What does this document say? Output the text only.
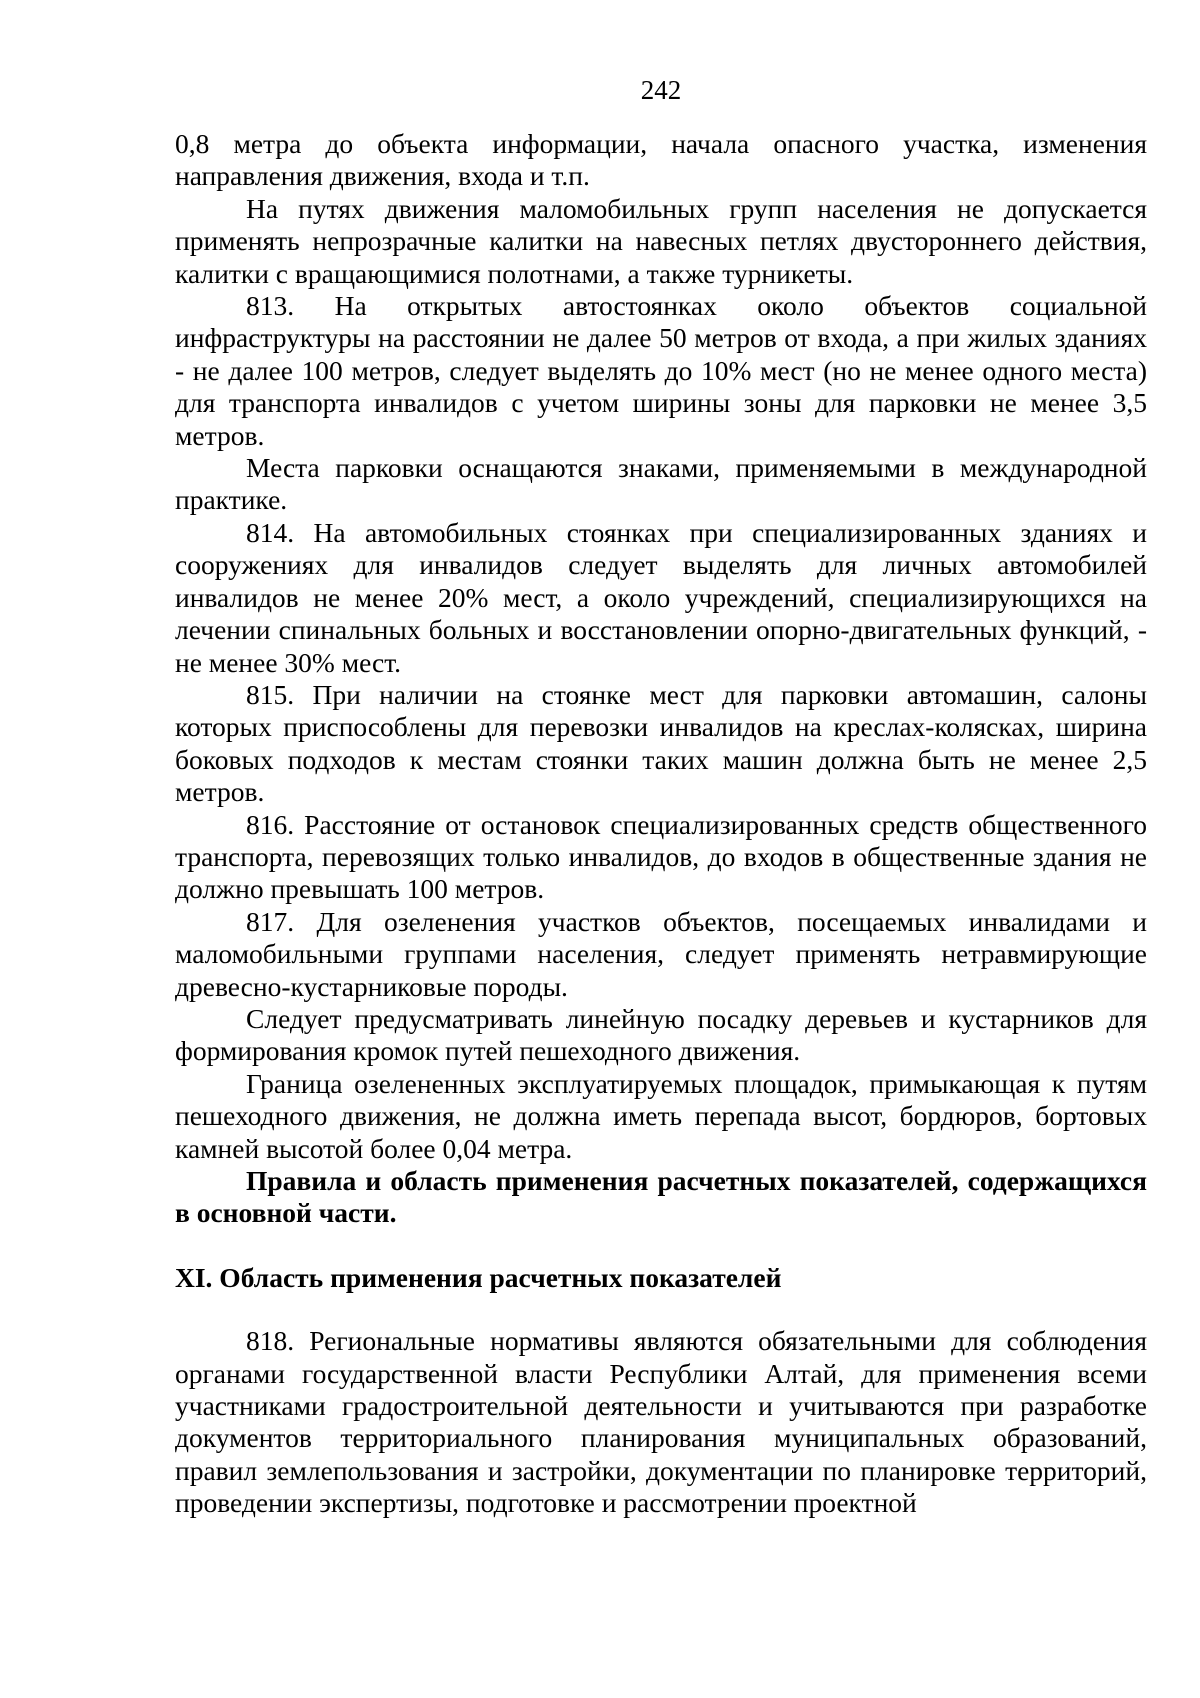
242

0,8 метра до объекта информации, начала опасного участка, изменения направления движения, входа и т.п.

На путях движения маломобильных групп населения не допускается применять непрозрачные калитки на навесных петлях двустороннего действия, калитки с вращающимися полотнами, а также турникеты.

813. На открытых автостоянках около объектов социальной инфраструктуры на расстоянии не далее 50 метров от входа, а при жилых зданиях - не далее 100 метров, следует выделять до 10% мест (но не менее одного места) для транспорта инвалидов с учетом ширины зоны для парковки не менее 3,5 метров.

Места парковки оснащаются знаками, применяемыми в международной практике.

814. На автомобильных стоянках при специализированных зданиях и сооружениях для инвалидов следует выделять для личных автомобилей инвалидов не менее 20% мест, а около учреждений, специализирующихся на лечении спинальных больных и восстановлении опорно-двигательных функций, - не менее 30% мест.

815. При наличии на стоянке мест для парковки автомашин, салоны которых приспособлены для перевозки инвалидов на креслах-колясках, ширина боковых подходов к местам стоянки таких машин должна быть не менее 2,5 метров.

816. Расстояние от остановок специализированных средств общественного транспорта, перевозящих только инвалидов, до входов в общественные здания не должно превышать 100 метров.

817. Для озеленения участков объектов, посещаемых инвалидами и маломобильными группами населения, следует применять нетравмирующие древесно-кустарниковые породы.

Следует предусматривать линейную посадку деревьев и кустарников для формирования кромок путей пешеходного движения.

Граница озелененных эксплуатируемых площадок, примыкающая к путям пешеходного движения, не должна иметь перепада высот, бордюров, бортовых камней высотой более 0,04 метра.

Правила и область применения расчетных показателей, содержащихся в основной части.

XI. Область применения расчетных показателей

818. Региональные нормативы являются обязательными для соблюдения органами государственной власти Республики Алтай, для применения всеми участниками градостроительной деятельности и учитываются при разработке документов территориального планирования муниципальных образований, правил землепользования и застройки, документации по планировке территорий, проведении экспертизы, подготовке и рассмотрении проектной
